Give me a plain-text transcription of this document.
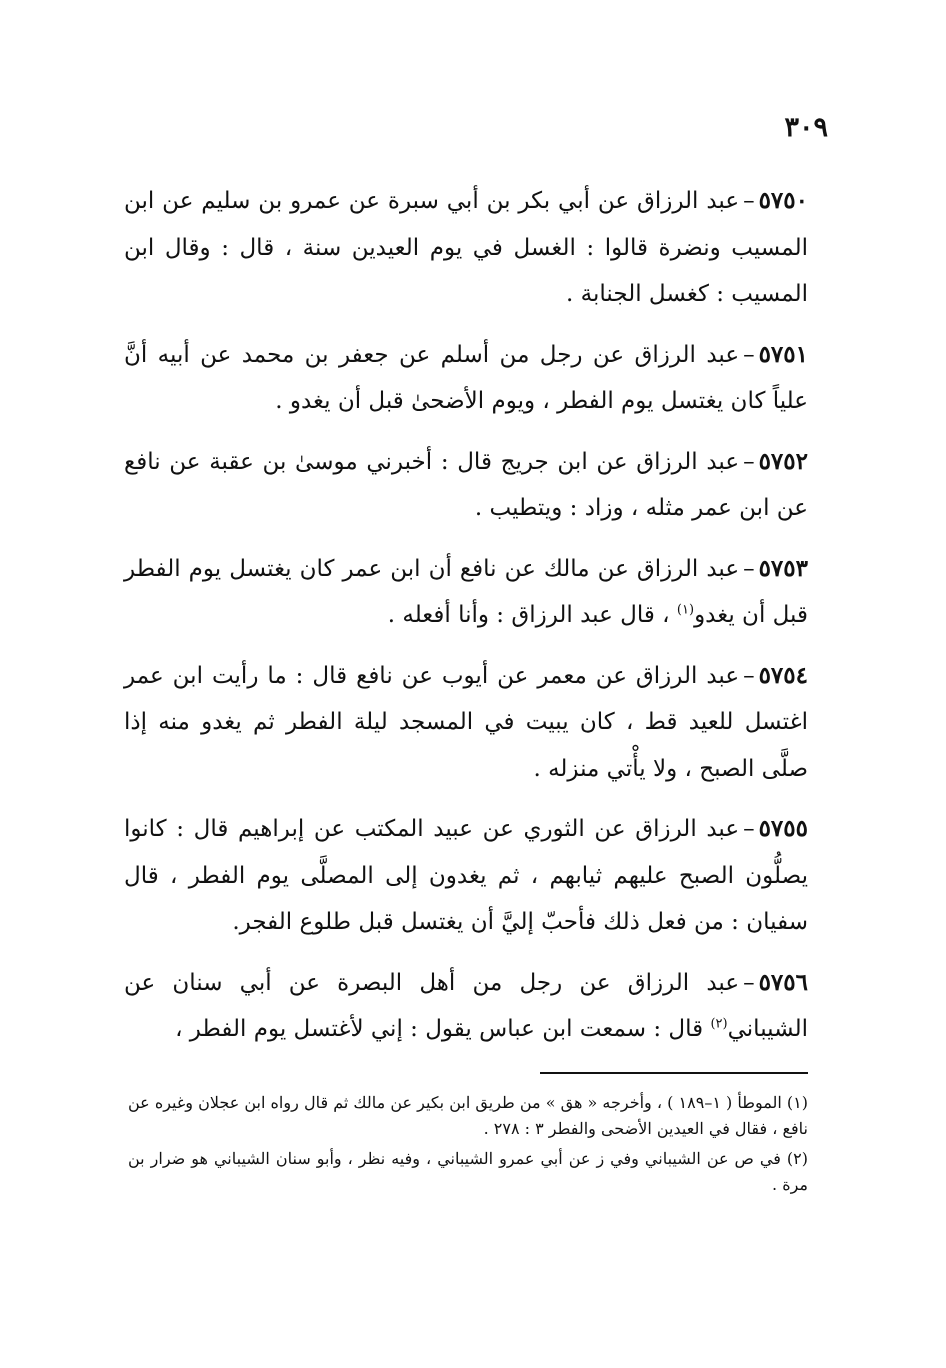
٣٠٩

٥٧٥٠–عبد الرزاق عن أبي بكر بن أبي سبرة عن عمرو بن سليم عن ابن المسيب ونضرة قالوا : الغسل في يوم العيدين سنة ، قال : وقال ابن المسيب : كغسل الجنابة .

٥٧٥١–عبد الرزاق عن رجل من أسلم عن جعفر بن محمد عن أبيه أنَّ علياً كان يغتسل يوم الفطر ، ويوم الأضحىٰ قبل أن يغدو .

٥٧٥٢–عبد الرزاق عن ابن جريج قال : أخبرني موسىٰ بن عقبة عن نافع عن ابن عمر مثله ، وزاد : ويتطيب .

٥٧٥٣–عبد الرزاق عن مالك عن نافع أن ابن عمر كان يغتسل يوم الفطر قبل أن يغدو$^{(١)}$ ، قال عبد الرزاق : وأنا أفعله .

٥٧٥٤–عبد الرزاق عن معمر عن أيوب عن نافع قال : ما رأيت ابن عمر اغتسل للعيد قط ، كان يبيت في المسجد ليلة الفطر ثم يغدو منه إذا صلَّى الصبح ، ولا يأْتي منزله .

٥٧٥٥–عبد الرزاق عن الثوري عن عبيد المكتب عن إبراهيم قال : كانوا يصلُّون الصبح عليهم ثيابهم ، ثم يغدون إلى المصلَّى يوم الفطر ، قال سفيان : من فعل ذلك فأحبّ إليَّ أن يغتسل قبل طلوع الفجر.

٥٧٥٦–عبد الرزاق عن رجل من أهل البصرة عن أبي سنان عن الشيباني$^{(٢)}$ قال : سمعت ابن عباس يقول : إني لأغتسل يوم الفطر ،

(١) الموطأ ( ١–١٨٩ ) ، وأخرجه « هق » من طريق ابن بكير عن مالك ثم قال رواه ابن عجلان وغيره عن نافع ، فقال في العيدين الأضحى والفطر ٣ : ٢٧٨ .

(٢) في ص عن الشيباني وفي ز عن أبي عمرو الشيباني ، وفيه نظر ، وأبو سنان الشيباني هو ضرار بن مرة .
